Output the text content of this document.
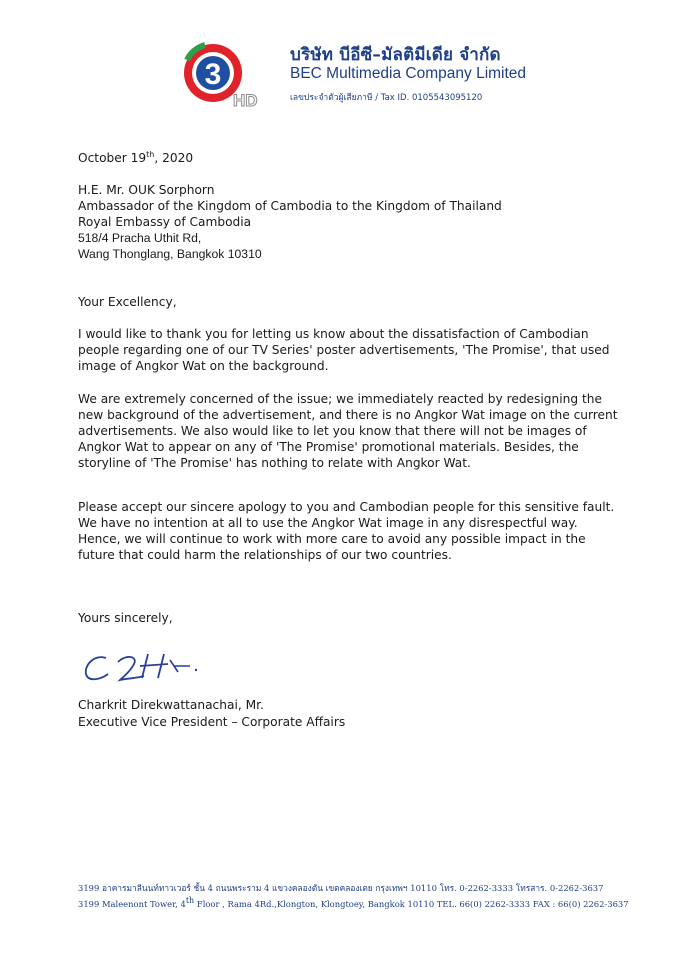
3
HD
บริษัท บีอีซี–มัลติมีเดีย จำกัด
BEC Multimedia Company Limited
เลขประจำตัวผู้เสียภาษี / Tax ID. 0105543095120
October 19th, 2020
H.E. Mr. OUK Sorphorn
Ambassador of the Kingdom of Cambodia to the Kingdom of Thailand
Royal Embassy of Cambodia
518/4 Pracha Uthit Rd,
Wang Thonglang, Bangkok 10310
Your Excellency,
I would like to thank you for letting us know about the dissatisfaction of Cambodian people regarding one of our TV Series' poster advertisements, 'The Promise', that used image of Angkor Wat on the background.
We are extremely concerned of the issue; we immediately reacted by redesigning the new background of the advertisement, and there is no Angkor Wat image on the current advertisements. We also would like to let you know that there will not be images of Angkor Wat to appear on any of 'The Promise' promotional materials. Besides, the storyline of 'The Promise' has nothing to relate with Angkor Wat.
Please accept our sincere apology to you and Cambodian people for this sensitive fault. We have no intention at all to use the Angkor Wat image in any disrespectful way. Hence, we will continue to work with more care to avoid any possible impact in the future that could harm the relationships of our two countries.
Yours sincerely,
Charkrit Direkwattanachai, Mr.
Executive Vice President – Corporate Affairs
3199 อาคารมาลีนนท์ทาวเวอร์ ชั้น 4 ถนนพระราม 4 แขวงคลองตัน เขตคลองเตย กรุงเทพฯ 10110 โทร. 0-2262-3333 โทรสาร. 0-2262-3637
3199 Maleenont Tower, 4th Floor , Rama 4Rd.,Klongton, Klongtoey, Bangkok 10110 TEL. 66(0) 2262-3333 FAX : 66(0) 2262-3637
